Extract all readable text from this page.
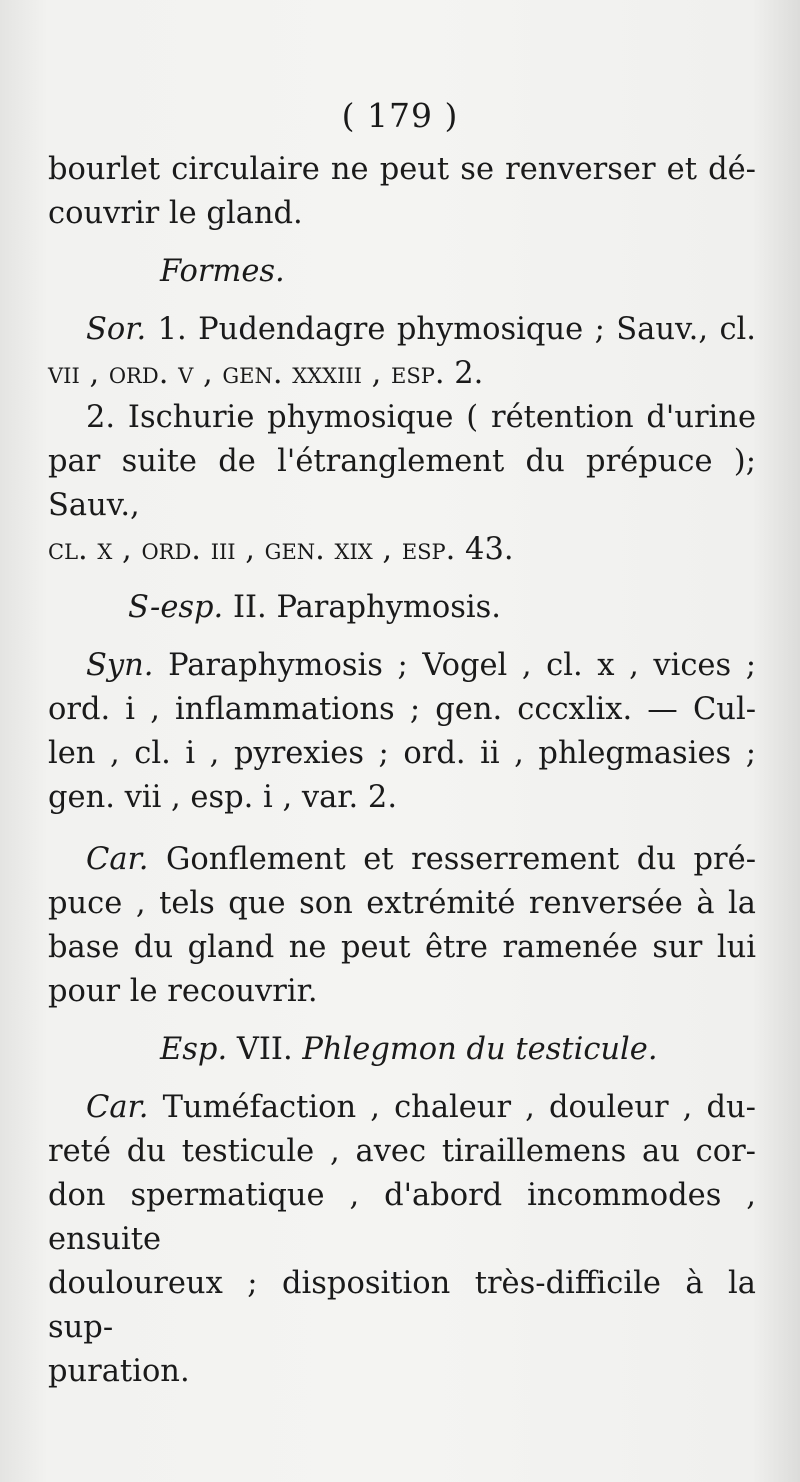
( 179 )

bourlet circulaire ne peut se renverser et dé-

couvrir le gland.

Formes.

Sor. 1. Pudendagre phymosique ; Sauv., cl.

vii , ord. v , gen. xxxiii , esp. 2.

2. Ischurie phymosique ( rétention d'urine

par suite de l'étranglement du prépuce ); Sauv.,

cl. x , ord. iii , gen. xix , esp. 43.

S-esp. II. Paraphymosis.

Syn. Paraphymosis ; Vogel , cl. x , vices ;

ord. i , inflammations ; gen. cccxlix. — Cul-

len , cl. i , pyrexies ; ord. ii , phlegmasies ;

gen. vii , esp. i , var. 2.

Car. Gonflement et resserrement du pré-

puce , tels que son extrémité renversée à la

base du gland ne peut être ramenée sur lui

pour le recouvrir.

Esp. VII. Phlegmon du testicule.

Car. Tuméfaction , chaleur , douleur , du-

reté du testicule , avec tiraillemens au cor-

don spermatique , d'abord incommodes , ensuite

douloureux ; disposition très-difficile à la sup-

puration.
